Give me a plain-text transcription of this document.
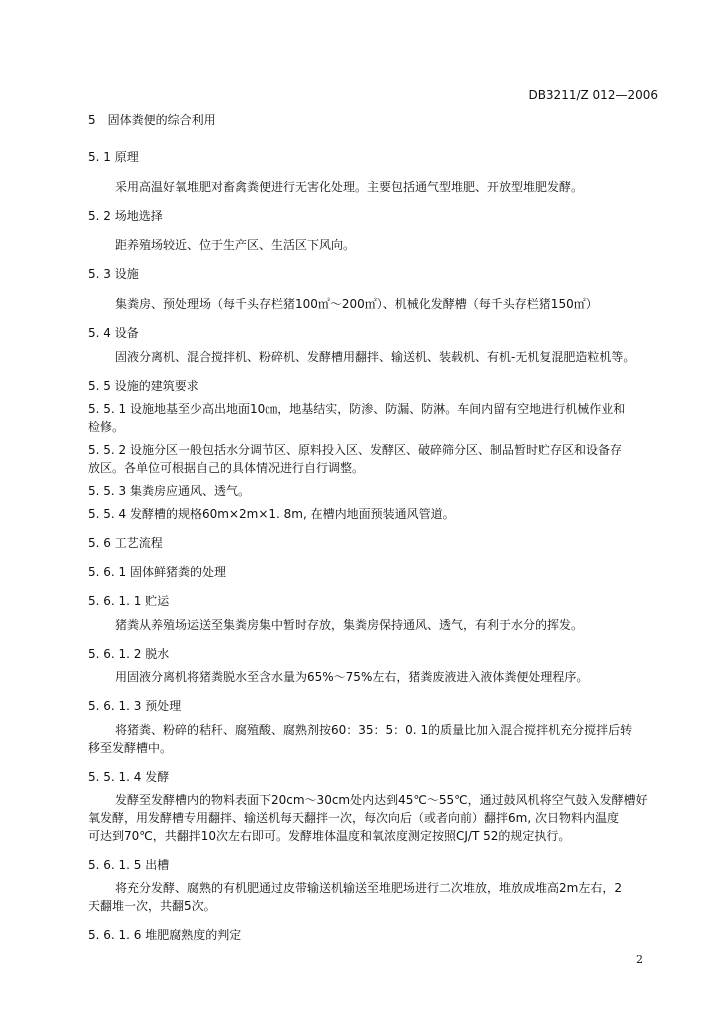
DB3211/Z 012—2006
5　固体粪便的综合利用
5. 1 原理
采用高温好氧堆肥对畜禽粪便进行无害化处理。主要包括通气型堆肥、开放型堆肥发酵。
5. 2 场地选择
距养殖场较近、位于生产区、生活区下风向。
5. 3 设施
集粪房、预处理场（每千头存栏猪100㎡～200㎡）、机械化发酵槽（每千头存栏猪150㎡）
5. 4 设备
固液分离机、混合搅拌机、粉碎机、发酵槽用翻拌、输送机、装载机、有机-无机复混肥造粒机等。
5. 5 设施的建筑要求
5. 5. 1 设施地基至少高出地面10㎝，地基结实，防渗、防漏、防淋。车间内留有空地进行机械作业和
检修。
5. 5. 2 设施分区一般包括水分调节区、原料投入区、发酵区、破碎筛分区、制品暂时贮存区和设备存
放区。各单位可根据自己的具体情况进行自行调整。
5. 5. 3 集粪房应通风、透气。
5. 5. 4 发酵槽的规格60m×2m×1. 8m, 在槽内地面预装通风管道。
5. 6 工艺流程
5. 6. 1 固体鲜猪粪的处理
5. 6. 1. 1 贮运
猪粪从养殖场运送至集粪房集中暂时存放，集粪房保持通风、透气，有利于水分的挥发。
5. 6. 1. 2 脱水
用固液分离机将猪粪脱水至含水量为65%～75%左右，猪粪废液进入液体粪便处理程序。
5. 6. 1. 3 预处理
将猪粪、粉碎的秸秆、腐殖酸、腐熟剂按60：35：5：0. 1的质量比加入混合搅拌机充分搅拌后转
移至发酵槽中。
5. 5. 1. 4 发酵
发酵至发酵槽内的物料表面下20cm～30cm处内达到45℃～55℃，通过鼓风机将空气鼓入发酵槽好
氧发酵，用发酵槽专用翻拌、输送机每天翻拌一次，每次向后（或者向前）翻拌6m, 次日物料内温度
可达到70℃，共翻拌10次左右即可。发酵堆体温度和氧浓度测定按照CJ/T 52的规定执行。
5. 6. 1. 5 出槽
将充分发酵、腐熟的有机肥通过皮带输送机输送至堆肥场进行二次堆放，堆放成堆高2m左右，2
天翻堆一次，共翻5次。
5. 6. 1. 6 堆肥腐熟度的判定
2
